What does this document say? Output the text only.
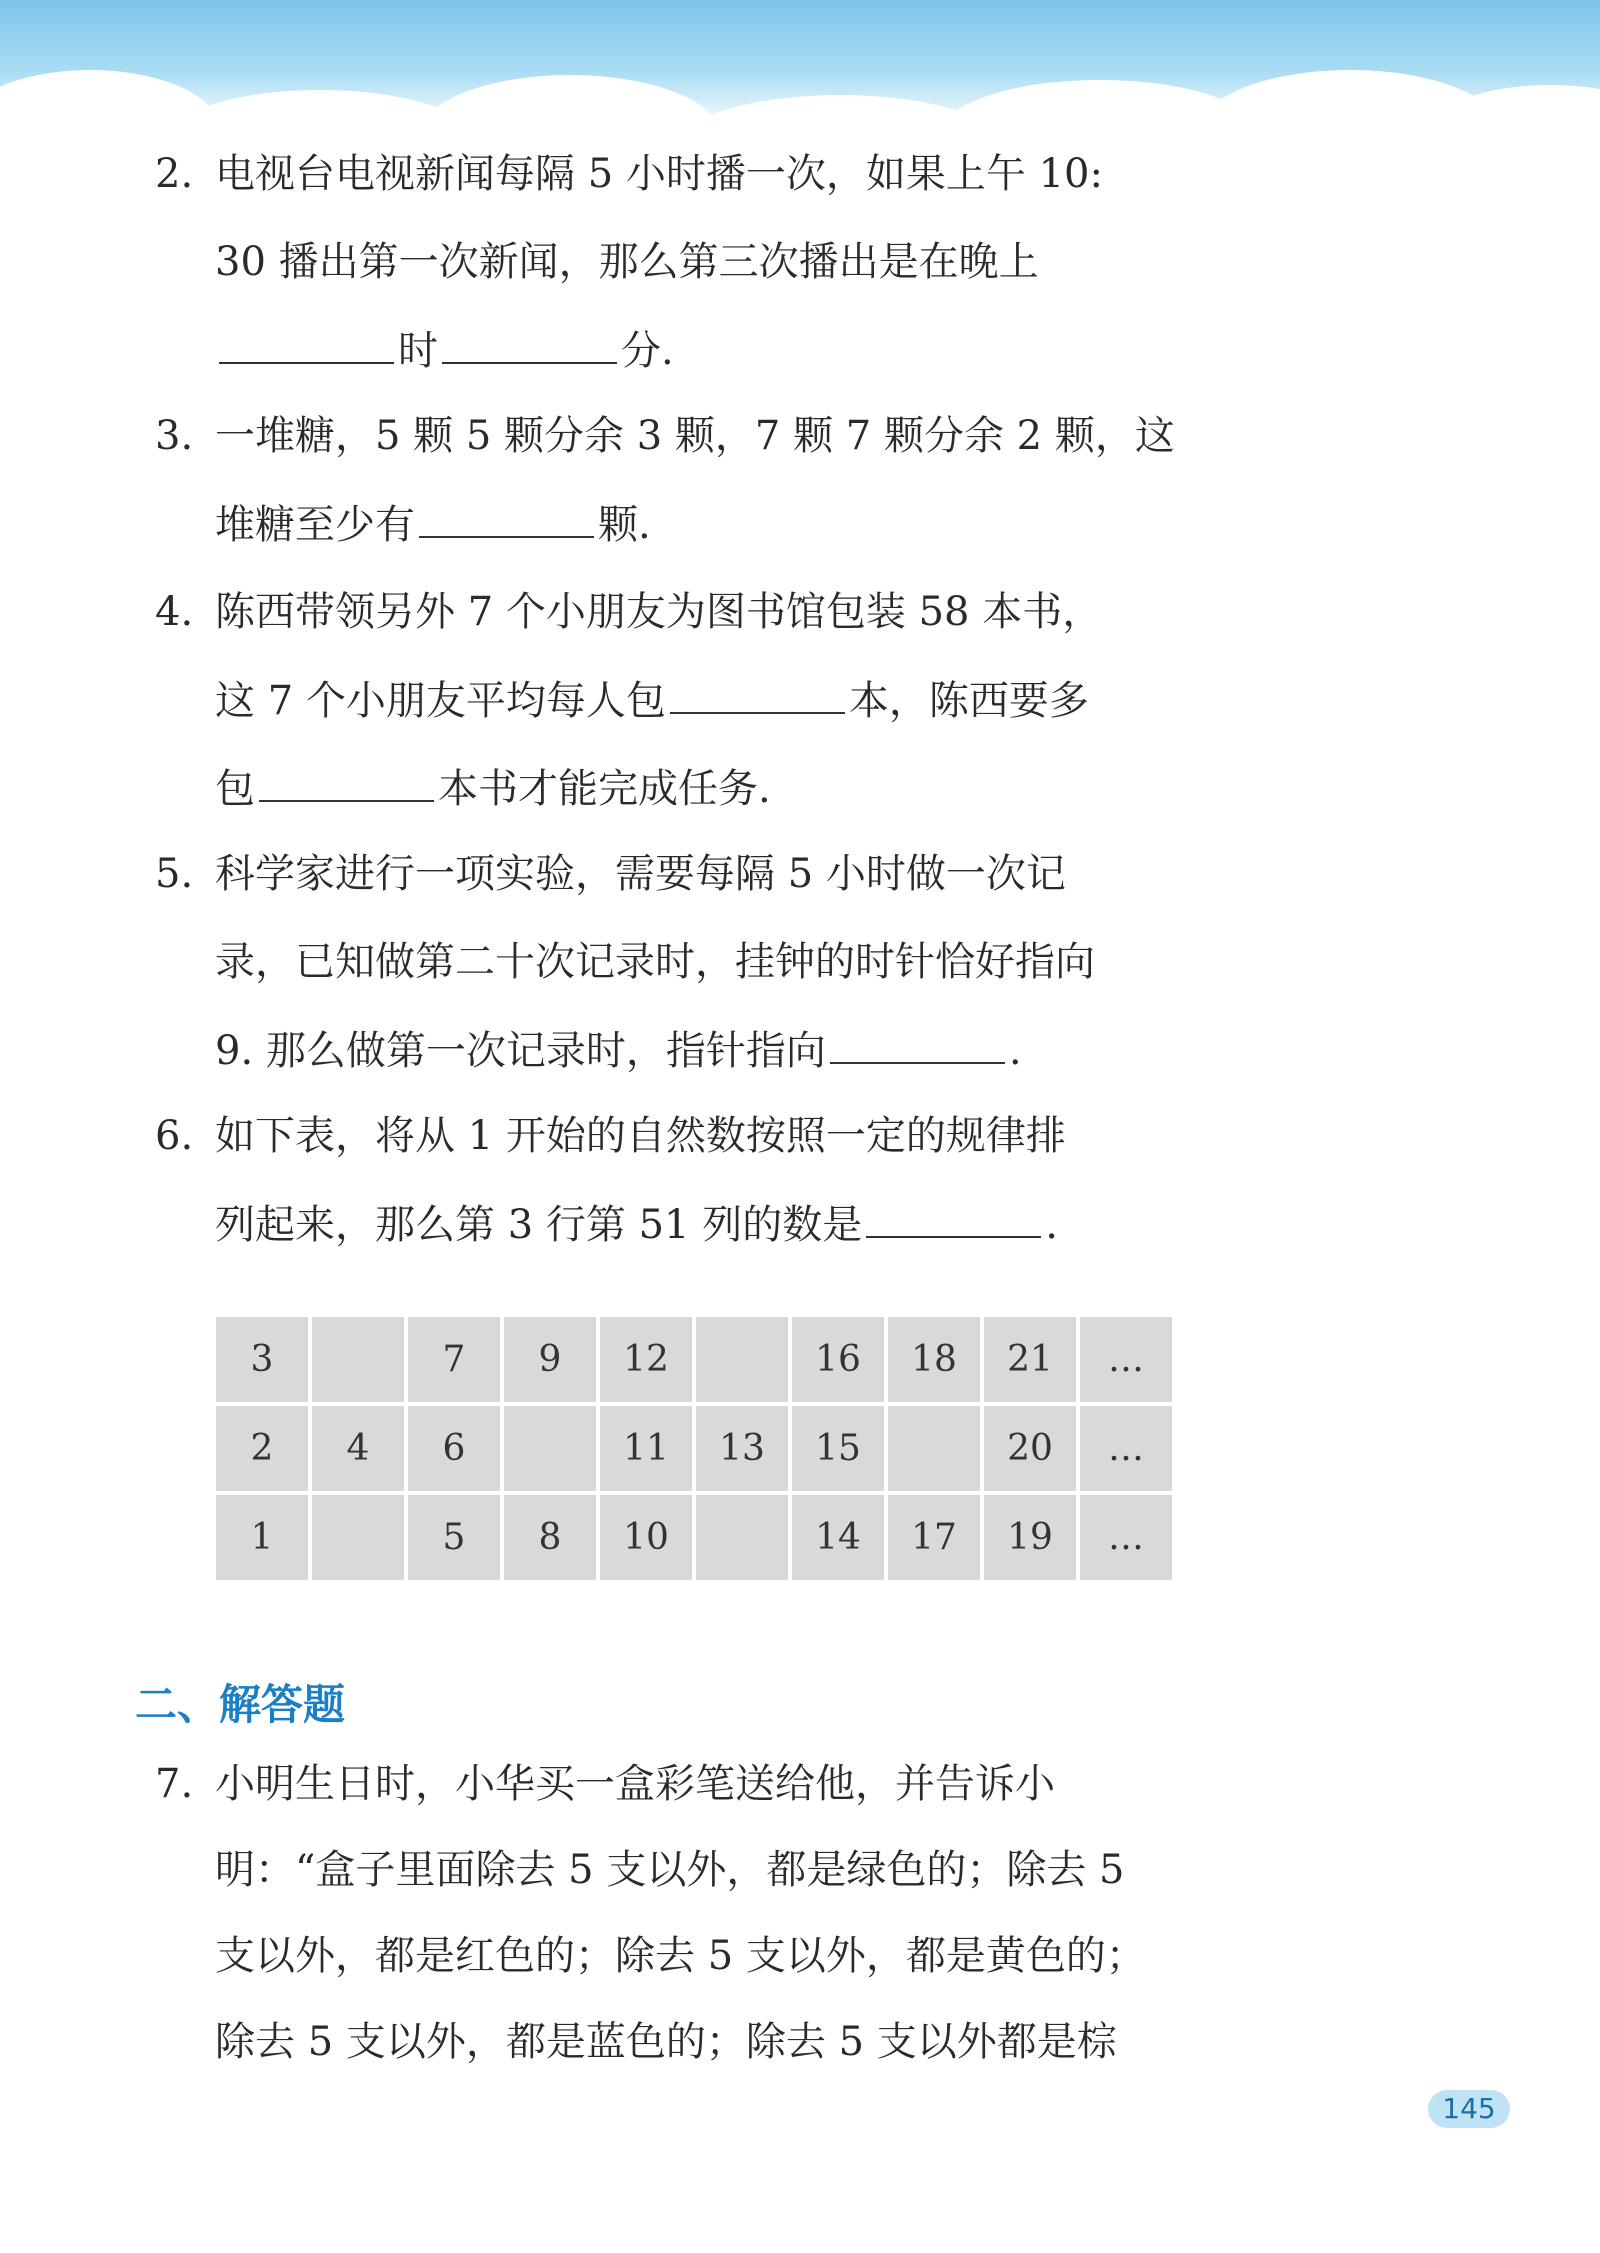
2. 电视台电视新闻每隔 5 小时播一次，如果上午 10:
30 播出第一次新闻，那么第三次播出是在晚上
时	分.
3. 一堆糖，5 颗 5 颗分余 3 颗，7 颗 7 颗分余 2 颗，这
堆糖至少有	颗.
4. 陈西带领另外 7 个小朋友为图书馆包装 58 本书，
这 7 个小朋友平均每人包	本，陈西要多
包	本书才能完成任务.
5. 科学家进行一项实验，需要每隔 5 小时做一次记
录，已知做第二十次记录时，挂钟的时针恰好指向
9. 那么做第一次记录时，指针指向	.
6. 如下表，将从 1 开始的自然数按照一定的规律排
列起来，那么第 3 行第 51 列的数是	.
3		7	9	12		16	18	21	…
2	4	6		11	13	15		20	…
1		5	8	10		14	17	19	…
二、解答题
7. 小明生日时，小华买一盒彩笔送给他，并告诉小
明：“盒子里面除去 5 支以外，都是绿色的；除去 5
支以外，都是红色的；除去 5 支以外，都是黄色的；
除去 5 支以外，都是蓝色的；除去 5 支以外都是棕
145
